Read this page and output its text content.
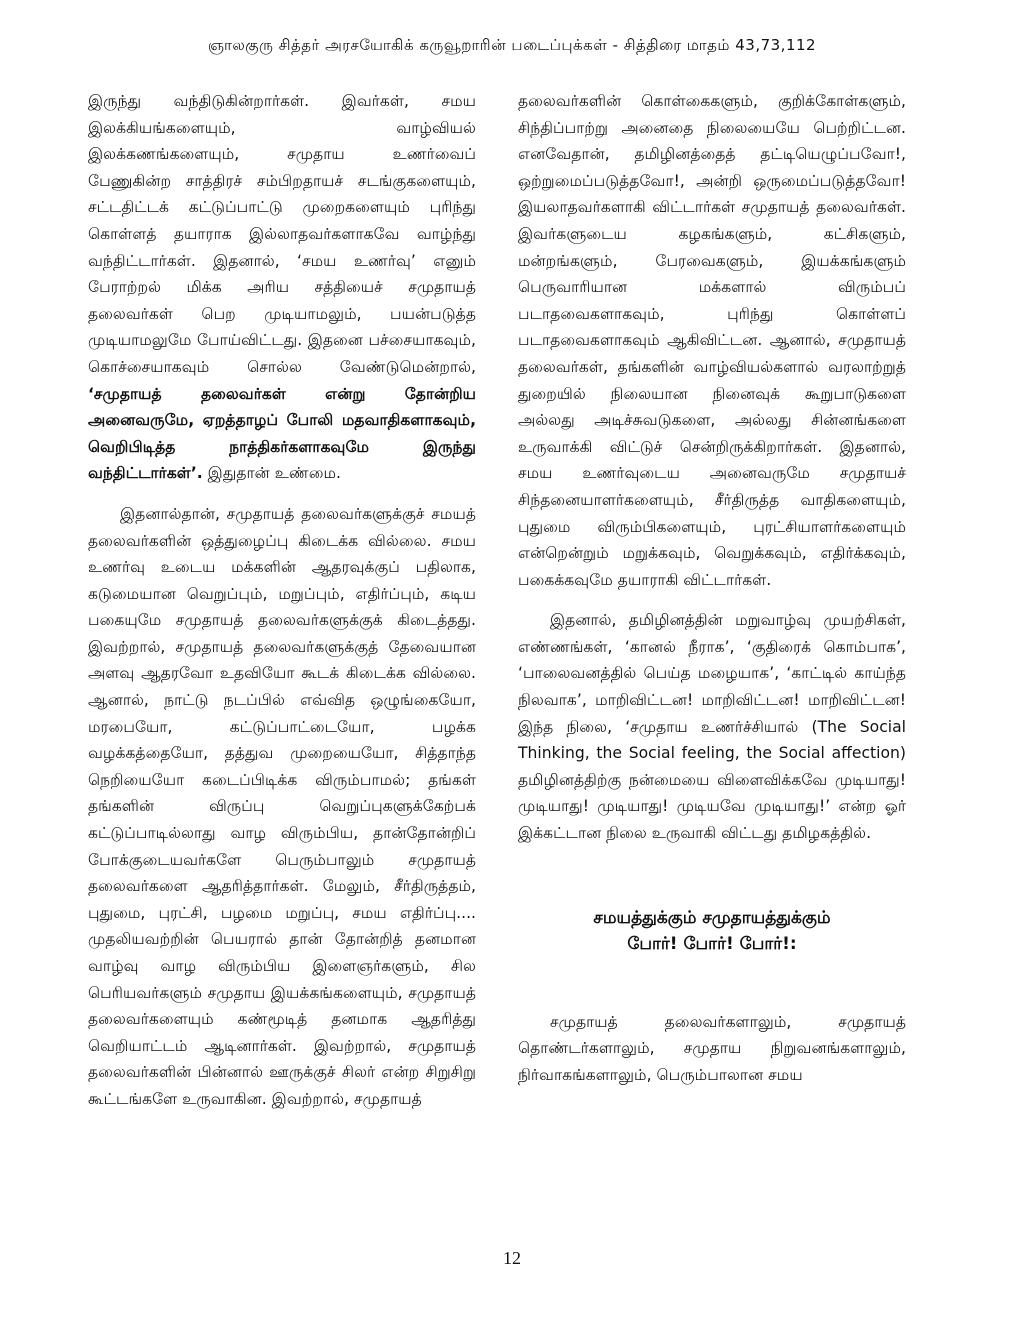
ஞாலகுரு சித்தர் அரசயோகிக் கருவூறாரின் படைப்புக்கள் - சித்திரை மாதம் 43,73,112

இருந்து வந்திடுகின்றார்கள். இவர்கள், சமய இலக்கியங்களையும், வாழ்வியல் இலக்கணங்களையும், சமுதாய உணர்வைப் பேணுகின்ற சாத்திரச் சம்பிறதாயச் சடங்குகளையும், சட்டதிட்டக் கட்டுப்பாட்டு முறைகளையும் புரிந்து கொள்ளத் தயாராக இல்லாதவர்களாகவே வாழ்ந்து வந்திட்டார்கள். இதனால், ‘சமய உணர்வு’ எனும் பேராற்றல் மிக்க அரிய சத்தியைச் சமுதாயத் தலைவர்கள் பெற முடியாமலும், பயன்படுத்த முடியாமலுமே போய்விட்டது. இதனை பச்சையாகவும், கொச்சையாகவும் சொல்ல வேண்டுமென்றால், ‘சமுதாயத் தலைவர்கள் என்று தோன்றிய அனைவருமே, ஏறத்தாழப் போலி மதவாதிகளாகவும், வெறிபிடித்த நாத்திகர்களாகவுமே இருந்து வந்திட்டார்கள்’. இதுதான் உண்மை.

இதனால்தான், சமுதாயத் தலைவர்களுக்குச் சமயத் தலைவர்களின் ஒத்துழைப்பு கிடைக்க வில்லை. சமய உணர்வு உடைய மக்களின் ஆதரவுக்குப் பதிலாக, கடுமையான வெறுப்பும், மறுப்பும், எதிர்ப்பும், கடிய பகையுமே சமுதாயத் தலைவர்களுக்குக் கிடைத்தது. இவற்றால், சமுதாயத் தலைவர்களுக்குத் தேவையான அளவு ஆதரவோ உதவியோ கூடக் கிடைக்க வில்லை. ஆனால், நாட்டு நடப்பில் எவ்வித ஒழுங்கையோ, மரபையோ, கட்டுப்பாட்டையோ, பழக்க வழக்கத்தையோ, தத்துவ முறையையோ, சித்தாந்த நெறியையோ கடைப்பிடிக்க விரும்பாமல்; தங்கள் தங்களின் விருப்பு வெறுப்புகளுக்கேற்பக் கட்டுப்பாடில்லாது வாழ விரும்பிய, தான்தோன்றிப் போக்குடையவர்களே பெரும்பாலும் சமுதாயத் தலைவர்களை ஆதரித்தார்கள். மேலும், சீர்திருத்தம், புதுமை, புரட்சி, பழமை மறுப்பு, சமய எதிர்ப்பு.... முதலியவற்றின் பெயரால் தான் தோன்றித் தனமான வாழ்வு வாழ விரும்பிய இளைஞர்களும், சில பெரியவர்களும் சமுதாய இயக்கங்களையும், சமுதாயத் தலைவர்களையும் கண்மூடித் தனமாக ஆதரித்து வெறியாட்டம் ஆடினார்கள். இவற்றால், சமுதாயத் தலைவர்களின் பின்னால் ஊருக்குச் சிலர் என்ற சிறுசிறு கூட்டங்களே உருவாகின. இவற்றால், சமுதாயத்

தலைவர்களின் கொள்கைகளும், குறிக்கோள்களும், சிந்திப்பாற்று அனைதை நிலையையே பெற்றிட்டன. எனவேதான், தமிழினத்தைத் தட்டியெழுப்பவோ!, ஒற்றுமைப்படுத்தவோ!, அன்றி ஒருமைப்படுத்தவோ! இயலாதவர்களாகி விட்டார்கள் சமுதாயத் தலைவர்கள். இவர்களுடைய கழகங்களும், கட்சிகளும், மன்றங்களும், பேரவைகளும், இயக்கங்களும் பெருவாரியான மக்களால் விரும்பப் படாதவைகளாகவும், புரிந்து கொள்ளப் படாதவைகளாகவும் ஆகிவிட்டன. ஆனால், சமுதாயத் தலைவர்கள், தங்களின் வாழ்வியல்களால் வரலாற்றுத் துறையில் நிலையான நினைவுக் கூறுபாடுகளை அல்லது அடிச்சுவடுகளை, அல்லது சின்னங்களை உருவாக்கி விட்டுச் சென்றிருக்கிறார்கள். இதனால், சமய உணர்வுடைய அனைவருமே சமுதாயச் சிந்தனையாளர்களையும், சீர்திருத்த வாதிகளையும், புதுமை விரும்பிகளையும், புரட்சியாளர்களையும் என்றென்றும் மறுக்கவும், வெறுக்கவும், எதிர்க்கவும், பகைக்கவுமே தயாராகி விட்டார்கள்.

இதனால், தமிழினத்தின் மறுவாழ்வு முயற்சிகள், எண்ணங்கள், ‘கானல் நீராக’, ‘குதிரைக் கொம்பாக’, ‘பாலைவனத்தில் பெய்த மழையாக’, ‘காட்டில் காய்ந்த நிலவாக’, மாறிவிட்டன! மாறிவிட்டன! மாறிவிட்டன! இந்த நிலை, ‘சமுதாய உணர்ச்சியால் (The Social Thinking, the Social feeling, the Social affection) தமிழினத்திற்கு நன்மையை விளைவிக்கவே முடியாது! முடியாது! முடியாது! முடியவே முடியாது!’ என்ற ஓர் இக்கட்டான நிலை உருவாகி விட்டது தமிழகத்தில்.

சமயத்துக்கும் சமுதாயத்துக்கும்
போர்! போர்! போர்!:

சமுதாயத் தலைவர்களாலும், சமுதாயத் தொண்டர்களாலும், சமுதாய நிறுவனங்களாலும், நிர்வாகங்களாலும், பெரும்பாலான சமய

12
